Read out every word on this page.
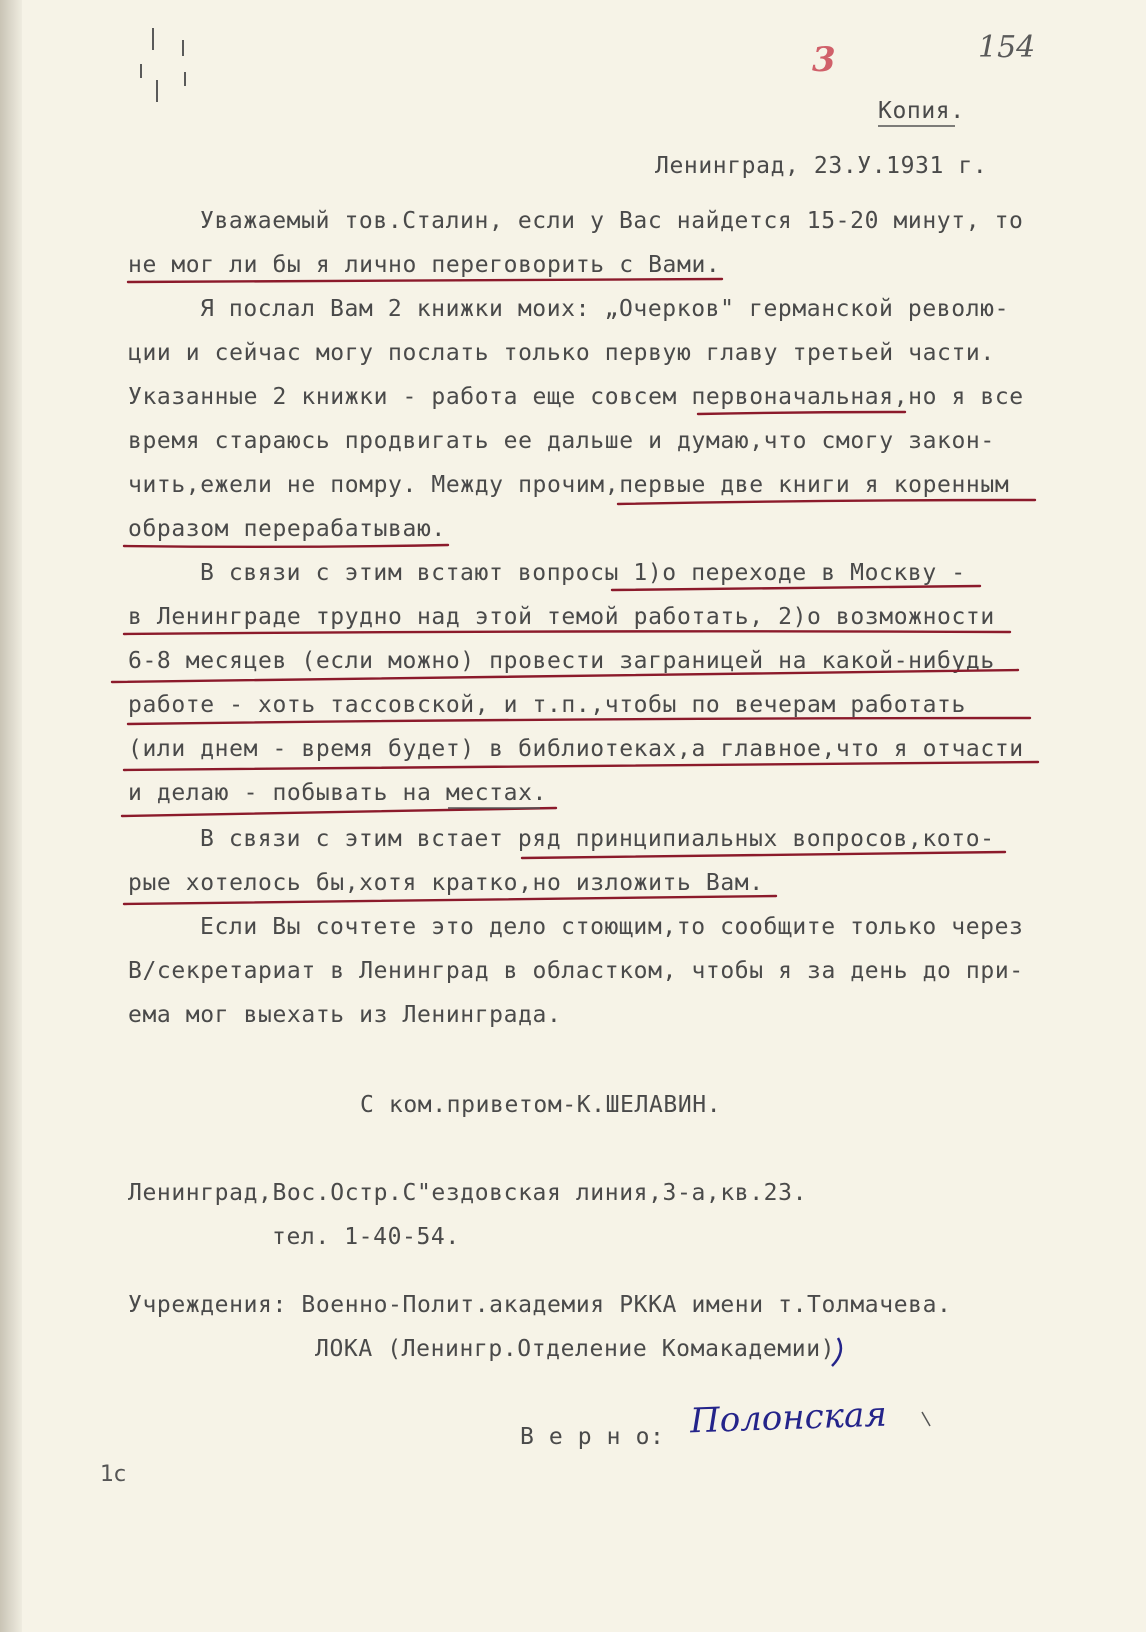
154
3
Копия.
Ленинград, 23.У.1931 г.
Уважаемый тов.Сталин, если у Вас найдется 15-20 минут, то
не мог ли бы я лично переговорить с Вами.
Я послал Вам 2 книжки моих: „Очерков" германской револю-
ции и сейчас могу послать только первую главу третьей части.
Указанные 2 книжки - работа еще совсем первоначальная,но я все
время стараюсь продвигать ее дальше и думаю,что смогу закон-
чить,ежели не помру. Между прочим,первые две книги я коренным
образом перерабатываю.
В связи с этим встают вопросы 1)о переходе в Москву -
в Ленинграде трудно над этой темой работать, 2)о возможности
6-8 месяцев (если можно) провести заграницей на какой-нибудь
работе - хоть тассовской, и т.п.,чтобы по вечерам работать
(или днем - время будет) в библиотеках,а главное,что я отчасти
и делаю - побывать на местах.
В связи с этим встает ряд принципиальных вопросов,кото-
рые хотелось бы,хотя кратко,но изложить Вам.
Если Вы сочтете это дело стоющим,то сообщите только через
В/секретариат в Ленинград в областком, чтобы я за день до при-
ема мог выехать из Ленинграда.
С ком.приветом-К.ШЕЛАВИН.
Ленинград,Вос.Остр.С"ездовская линия,3-а,кв.23.
тел. 1-40-54.
Учреждения: Военно-Полит.академия РККА имени т.Толмачева.
ЛОКА (Ленингр.Отделение Комакадемии)
В е р н о: Полонская
1с
